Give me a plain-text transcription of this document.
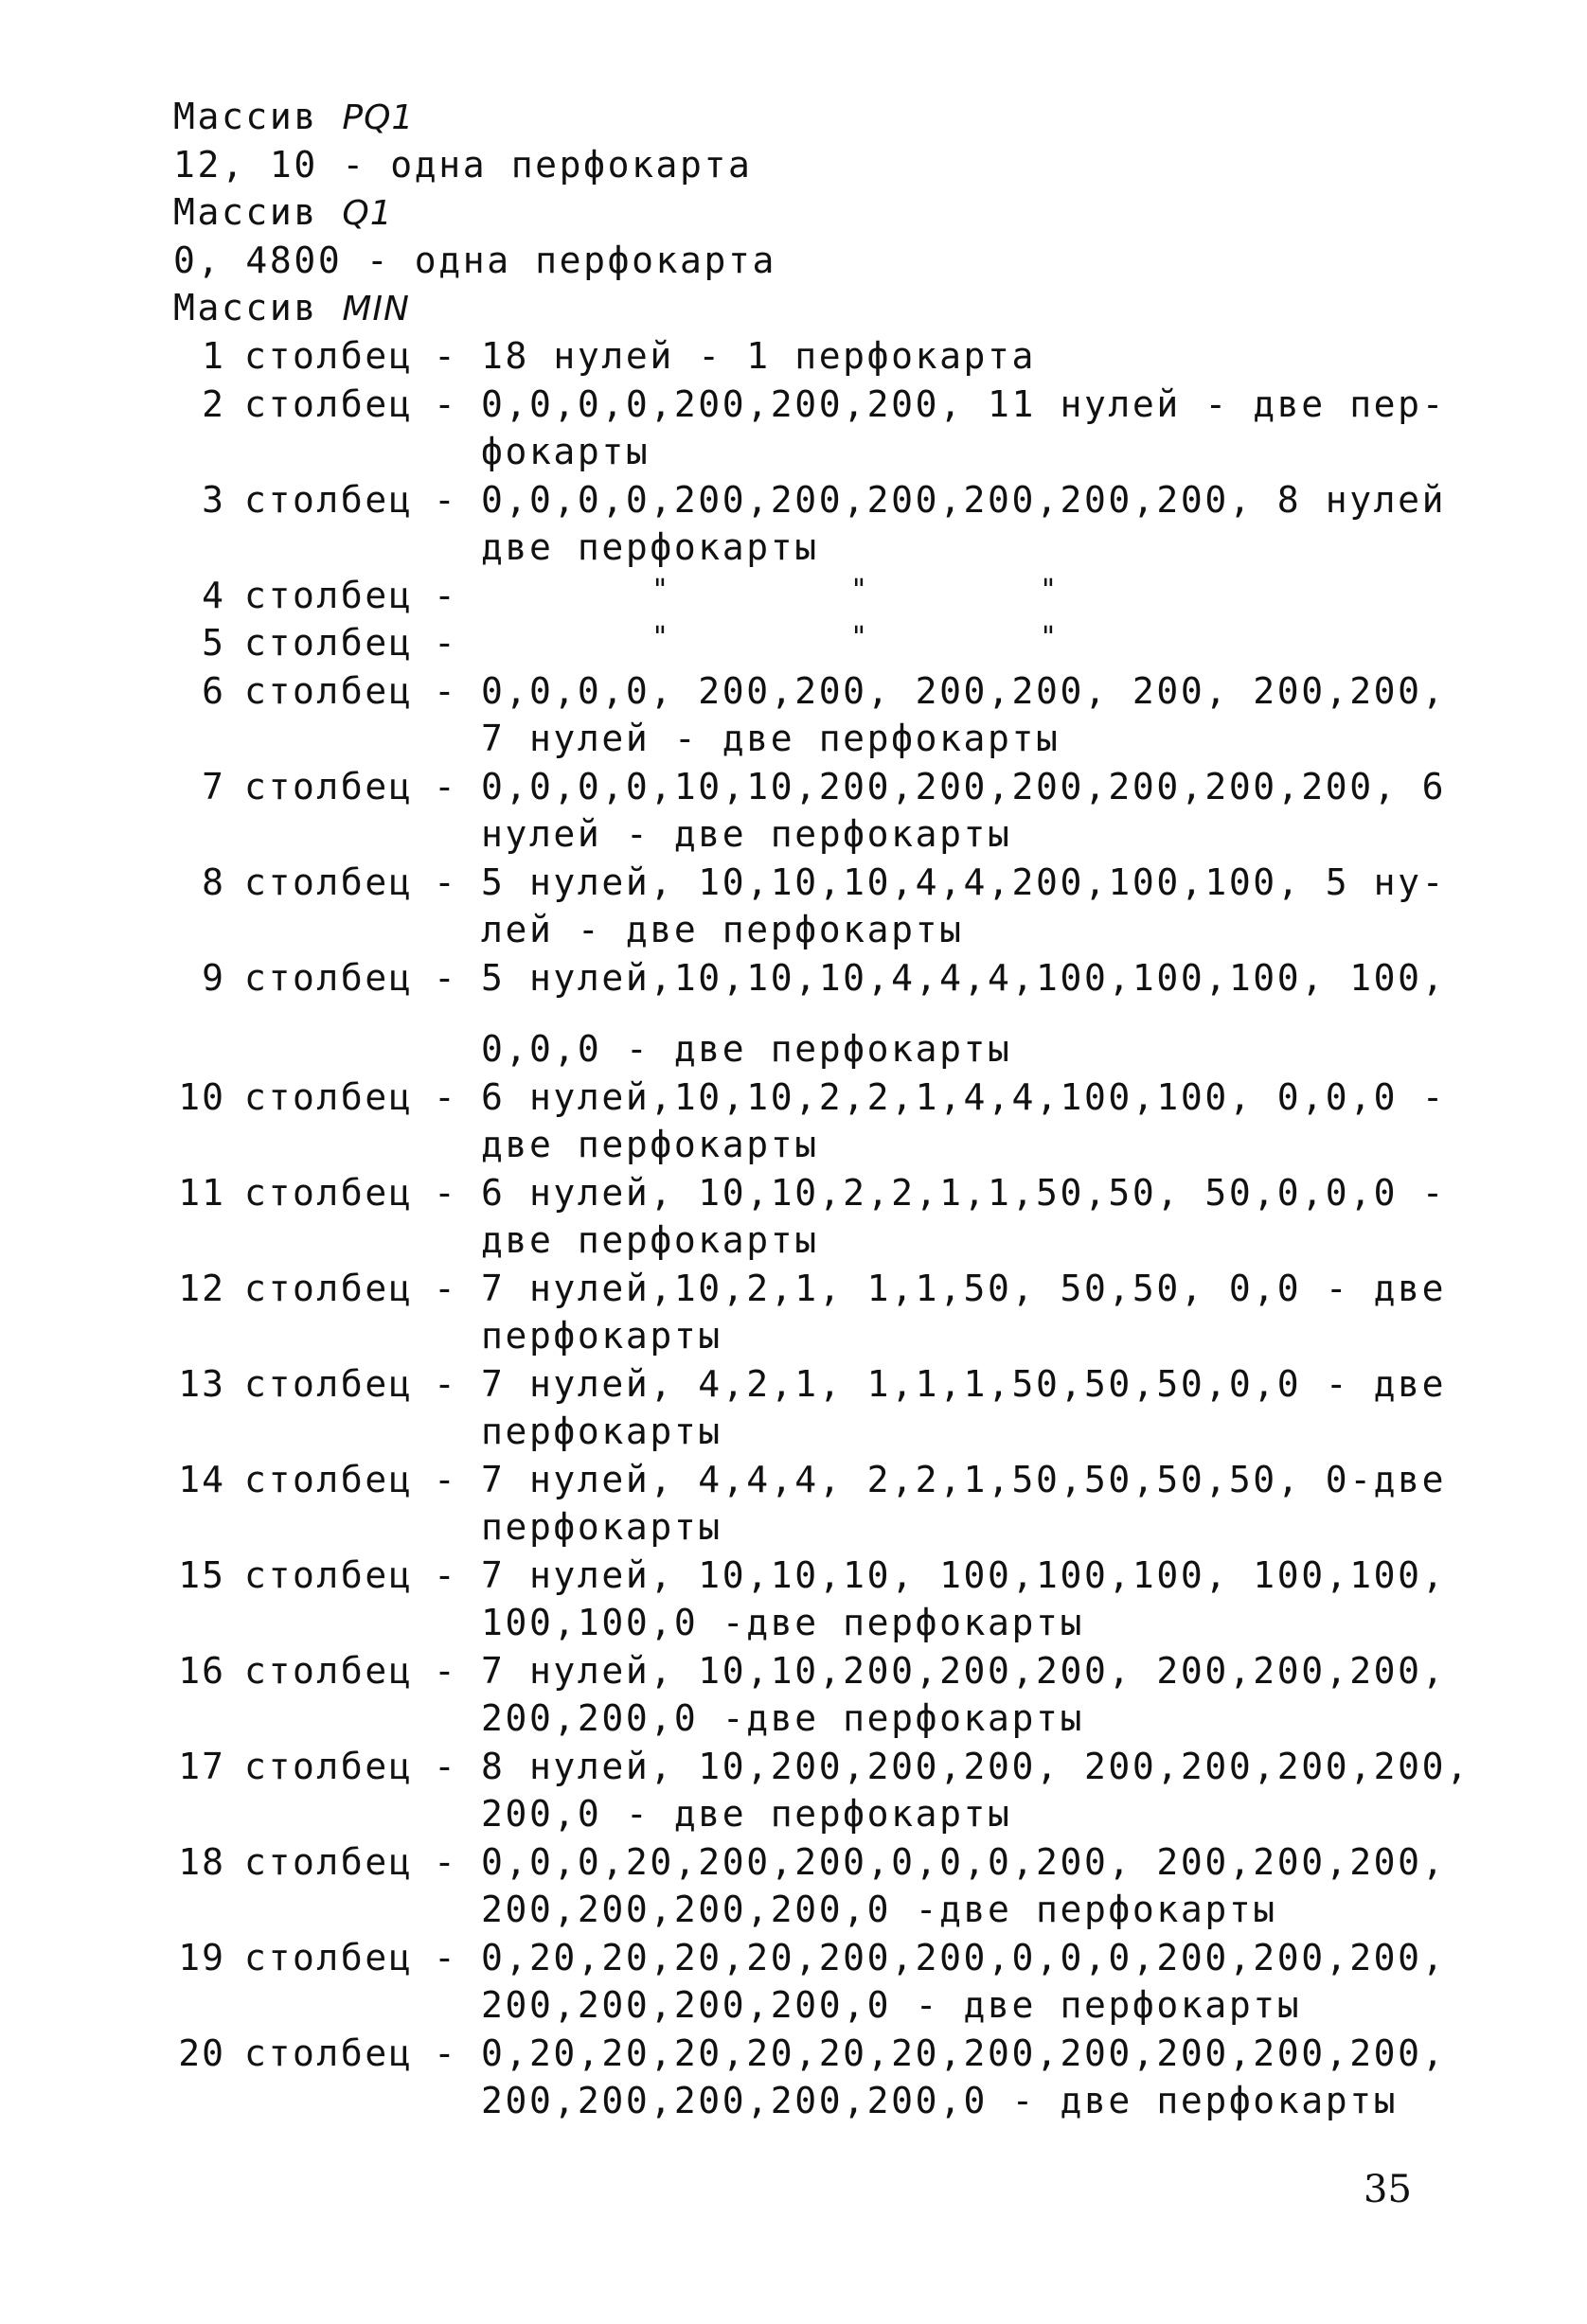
Массив PQ1
12, 10 - одна перфокарта
Массив Q1
0, 4800 - одна перфокарта
Массив MIN
1 столбец - 18 нулей - 1 перфокарта
2 столбец - 0,0,0,0,200,200,200, 11 нулей - две пер-
фокарты
3 столбец - 0,0,0,0,200,200,200,200,200,200, 8 нулей
две перфокарты
4 столбец -	"	"	"
5 столбец -	"	"	"
6 столбец - 0,0,0,0, 200,200, 200,200, 200, 200,200,
7 нулей - две перфокарты
7 столбец - 0,0,0,0,10,10,200,200,200,200,200,200, 6
нулей - две перфокарты
8 столбец - 5 нулей, 10,10,10,4,4,200,100,100, 5 ну-
лей - две перфокарты
9 столбец - 5 нулей,10,10,10,4,4,4,100,100,100, 100,
0,0,0 - две перфокарты
10 столбец - 6 нулей,10,10,2,2,1,4,4,100,100, 0,0,0 -
две перфокарты
11 столбец - 6 нулей, 10,10,2,2,1,1,50,50, 50,0,0,0 -
две перфокарты
12 столбец - 7 нулей,10,2,1, 1,1,50, 50,50, 0,0 - две
перфокарты
13 столбец - 7 нулей, 4,2,1, 1,1,1,50,50,50,0,0 - две
перфокарты
14 столбец - 7 нулей, 4,4,4, 2,2,1,50,50,50,50, 0-две
перфокарты
15 столбец - 7 нулей, 10,10,10, 100,100,100, 100,100,
100,100,0 -две перфокарты
16 столбец - 7 нулей, 10,10,200,200,200, 200,200,200,
200,200,0 -две перфокарты
17 столбец - 8 нулей, 10,200,200,200, 200,200,200,200,
200,0 - две перфокарты
18 столбец - 0,0,0,20,200,200,0,0,0,200, 200,200,200,
200,200,200,200,0 -две перфокарты
19 столбец - 0,20,20,20,20,200,200,0,0,0,200,200,200,
200,200,200,200,0 - две перфокарты
20 столбец - 0,20,20,20,20,20,20,200,200,200,200,200,
200,200,200,200,200,0 - две перфокарты
35
